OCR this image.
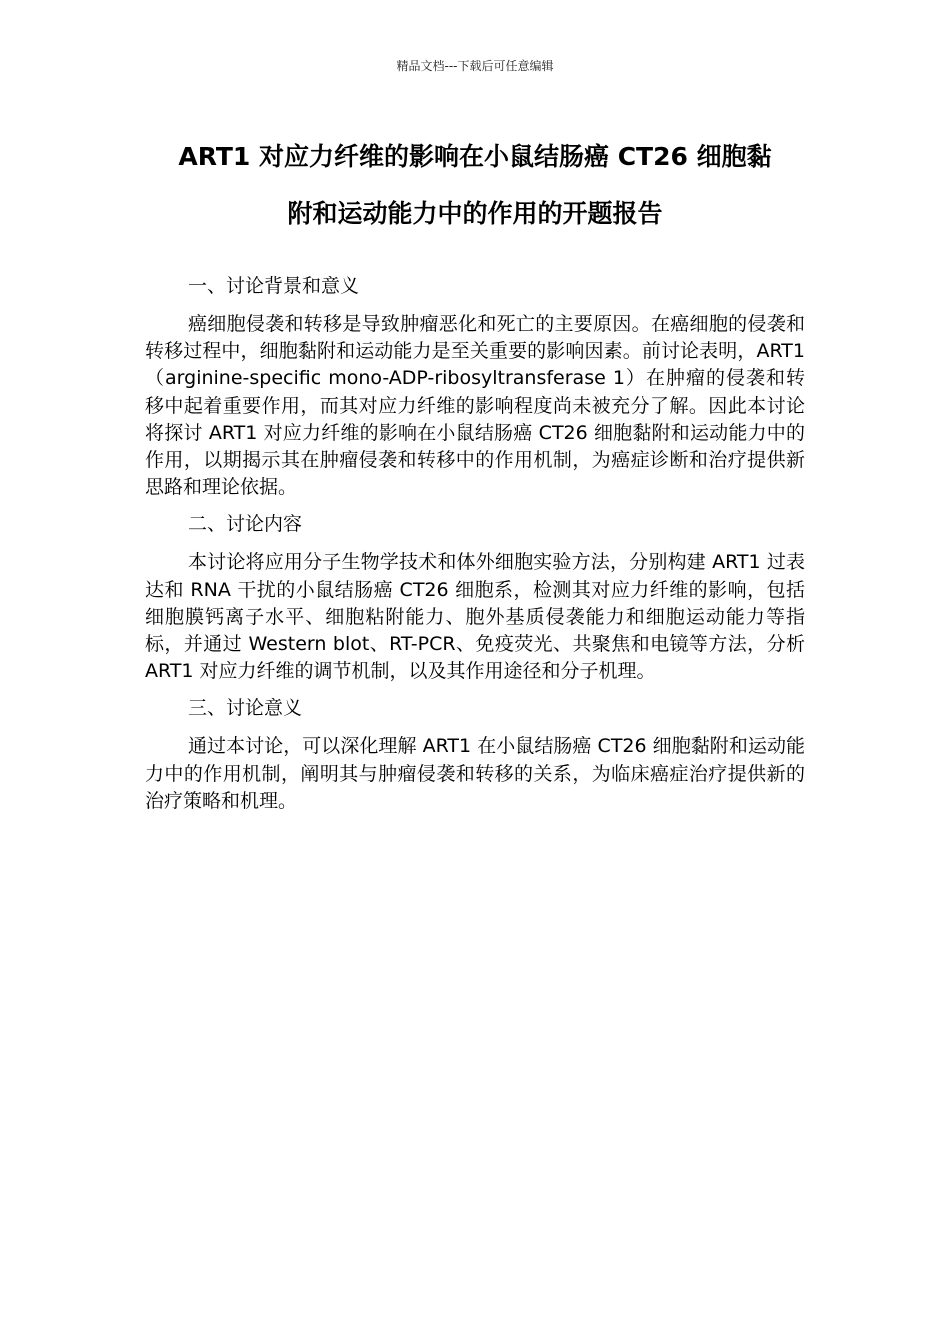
精品文档---下载后可任意编辑
ART1 对应力纤维的影响在小鼠结肠癌 CT26 细胞黏
附和运动能力中的作用的开题报告
一、讨论背景和意义

癌细胞侵袭和转移是导致肿瘤恶化和死亡的主要原因。在癌细胞的侵袭和转移过程中，细胞黏附和运动能力是至关重要的影响因素。前讨论表明，ART1（arginine-specific mono-ADP-ribosyltransferase 1）在肿瘤的侵袭和转移中起着重要作用，而其对应力纤维的影响程度尚未被充分了解。因此本讨论将探讨 ART1 对应力纤维的影响在小鼠结肠癌 CT26 细胞黏附和运动能力中的作用，以期揭示其在肿瘤侵袭和转移中的作用机制，为癌症诊断和治疗提供新思路和理论依据。

二、讨论内容

本讨论将应用分子生物学技术和体外细胞实验方法，分别构建 ART1 过表达和 RNA 干扰的小鼠结肠癌 CT26 细胞系，检测其对应力纤维的影响，包括细胞膜钙离子水平、细胞粘附能力、胞外基质侵袭能力和细胞运动能力等指标，并通过 Western blot、RT-PCR、免疫荧光、共聚焦和电镜等方法，分析 ART1 对应力纤维的调节机制，以及其作用途径和分子机理。

三、讨论意义

通过本讨论，可以深化理解 ART1 在小鼠结肠癌 CT26 细胞黏附和运动能力中的作用机制，阐明其与肿瘤侵袭和转移的关系，为临床癌症治疗提供新的治疗策略和机理。
